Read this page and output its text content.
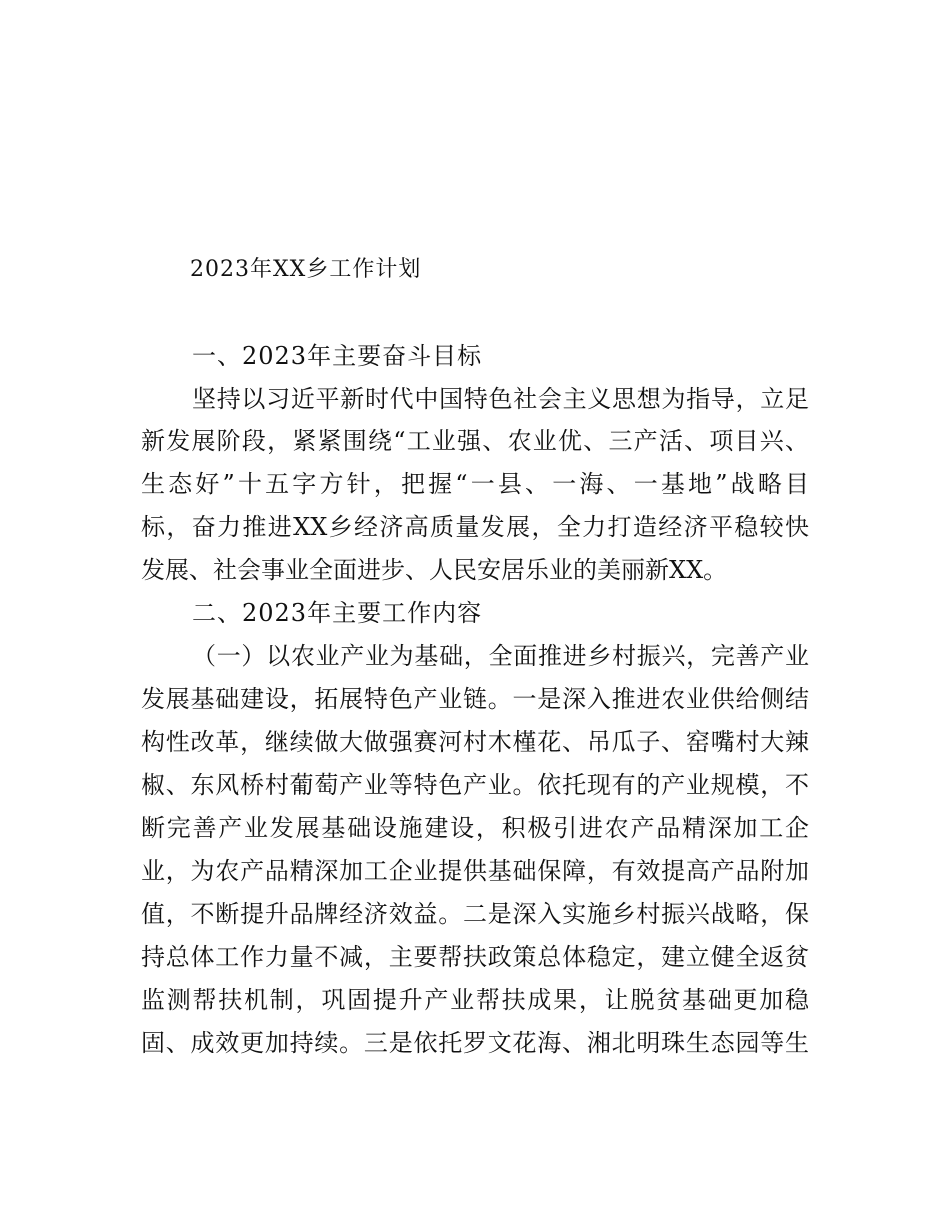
2023年XX乡工作计划
一、2023年主要奋斗目标
坚持以习近平新时代中国特色社会主义思想为指导，立足
新发展阶段，紧紧围绕“工业强、农业优、三产活、项目兴、
生态好”十五字方针，把握“一县、一海、一基地”战略目
标，奋力推进XX乡经济高质量发展，全力打造经济平稳较快
发展、社会事业全面进步、人民安居乐业的美丽新XX。
二、2023年主要工作内容
（一）以农业产业为基础，全面推进乡村振兴，完善产业
发展基础建设，拓展特色产业链。一是深入推进农业供给侧结
构性改革，继续做大做强赛河村木槿花、吊瓜子、窑嘴村大辣
椒、东风桥村葡萄产业等特色产业。依托现有的产业规模，不
断完善产业发展基础设施建设，积极引进农产品精深加工企
业，为农产品精深加工企业提供基础保障，有效提高产品附加
值，不断提升品牌经济效益。二是深入实施乡村振兴战略，保
持总体工作力量不减，主要帮扶政策总体稳定，建立健全返贫
监测帮扶机制，巩固提升产业帮扶成果，让脱贫基础更加稳
固、成效更加持续。三是依托罗文花海、湘北明珠生态园等生
